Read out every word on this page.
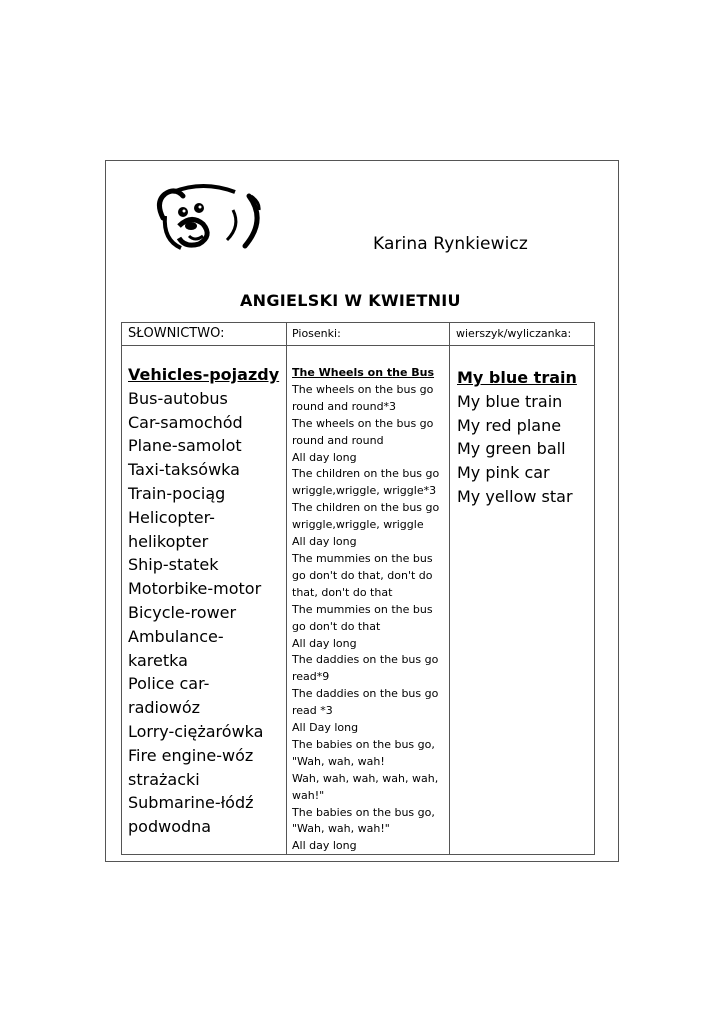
Karina Rynkiewicz
ANGIELSKI W KWIETNIU
SŁOWNICTWO:	Piosenki:	wierszyk/wyliczanka:
Vehicles-pojazdy
Bus-autobus
Car-samochód
Plane-samolot
Taxi-taksówka
Train-pociąg
Helicopter-
helikopter
Ship-statek
Motorbike-motor
Bicycle-rower
Ambulance-
karetka
Police car-
radiowóz
Lorry-ciężarówka
Fire engine-wóz
strażacki
Submarine-łódź
podwodna
The Wheels on the Bus
The wheels on the bus go
round and round*3
The wheels on the bus go
round and round
All day long
The children on the bus go
wriggle,wriggle, wriggle*3
The children on the bus go
wriggle,wriggle, wriggle
All day long
The mummies on the bus
go don't do that, don't do
that, don't do that
The mummies on the bus
go don't do that
All day long
The daddies on the bus go
read*9
The daddies on the bus go
read *3
All Day long
The babies on the bus go,
"Wah, wah, wah!
Wah, wah, wah, wah, wah,
wah!"
The babies on the bus go,
"Wah, wah, wah!"
All day long
My blue train
My blue train
My red plane
My green ball
My pink car
My yellow star
